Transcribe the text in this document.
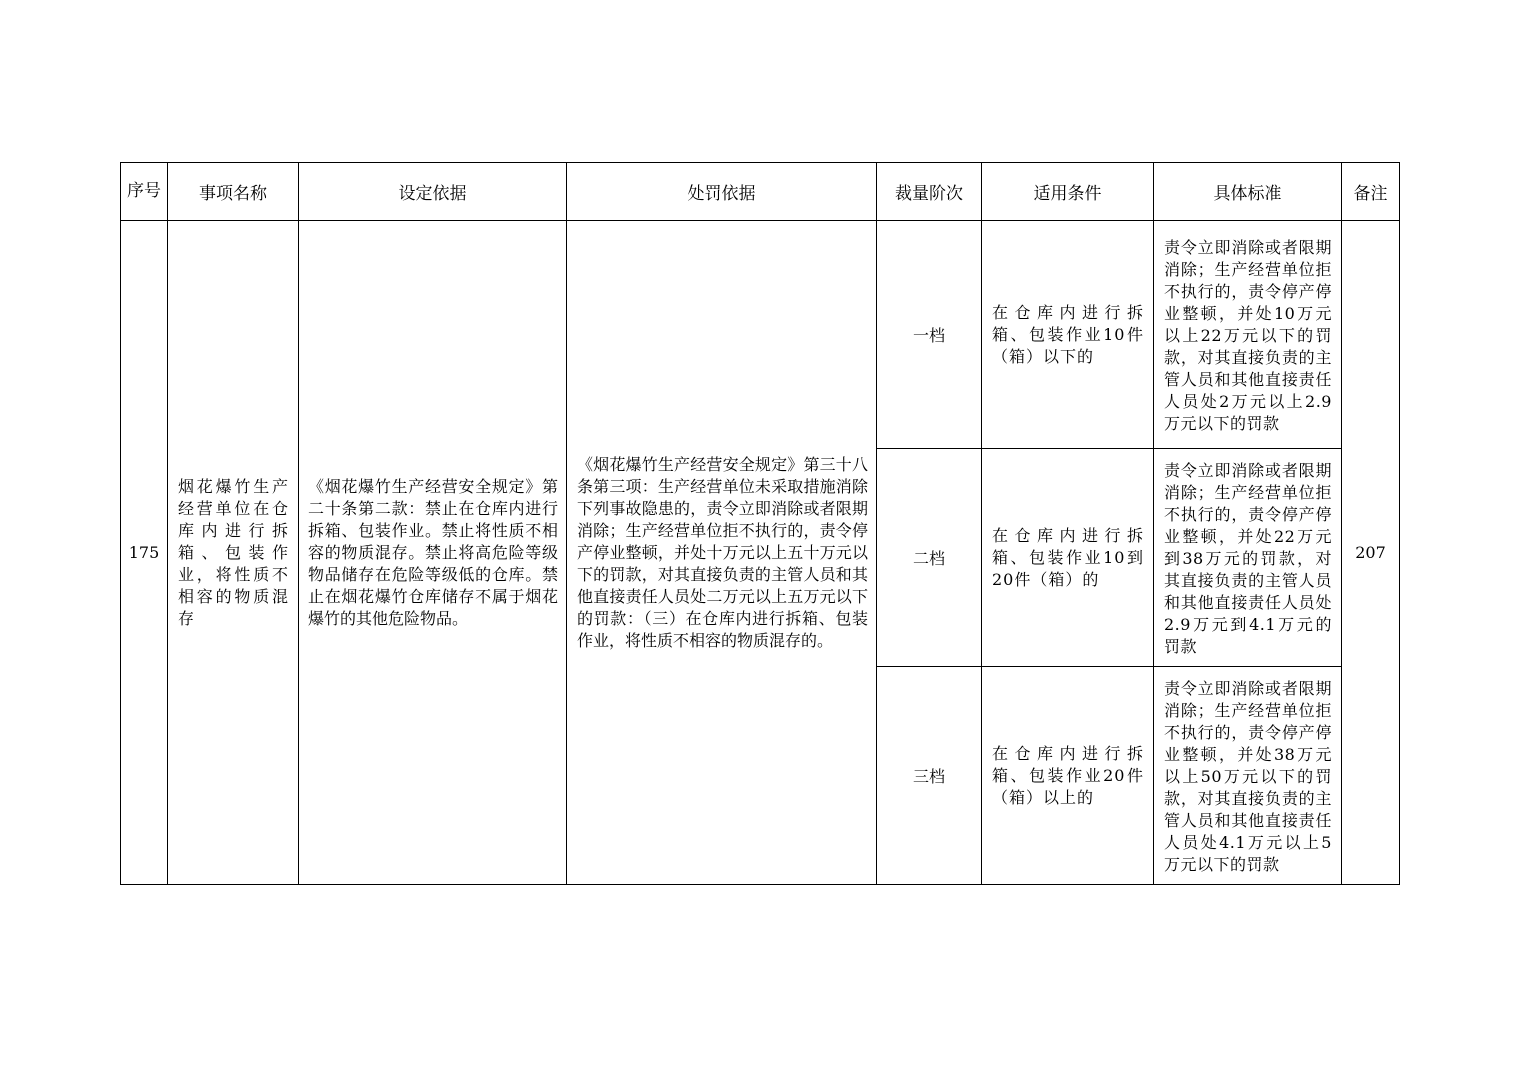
序号	事项名称	设定依据	处罚依据	裁量阶次	适用条件	具体标准	备注
175	烟花爆竹生产经营单位在仓库内进行拆箱、包装作业，将性质不相容的物质混存	《烟花爆竹生产经营安全规定》第二十条第二款：禁止在仓库内进行拆箱、包装作业。禁止将性质不相容的物质混存。禁止将高危险等级物品储存在危险等级低的仓库。禁止在烟花爆竹仓库储存不属于烟花爆竹的其他危险物品。	《烟花爆竹生产经营安全规定》第三十八条第三项：生产经营单位未采取措施消除下列事故隐患的，责令立即消除或者限期消除；生产经营单位拒不执行的，责令停产停业整顿，并处十万元以上五十万元以下的罚款，对其直接负责的主管人员和其他直接责任人员处二万元以上五万元以下的罚款：（三）在仓库内进行拆箱、包装作业，将性质不相容的物质混存的。	一档	在仓库内进行拆箱、包装作业10件（箱）以下的	责令立即消除或者限期消除；生产经营单位拒不执行的，责令停产停业整顿，并处10万元以上22万元以下的罚款，对其直接负责的主管人员和其他直接责任人员处2万元以上2.9万元以下的罚款	207
				二档	在仓库内进行拆箱、包装作业10到20件（箱）的	责令立即消除或者限期消除；生产经营单位拒不执行的，责令停产停业整顿，并处22万元到38万元的罚款，对其直接负责的主管人员和其他直接责任人员处2.9万元到4.1万元的罚款	

				三档	在仓库内进行拆箱、包装作业20件（箱）以上的	责令立即消除或者限期消除；生产经营单位拒不执行的，责令停产停业整顿，并处38万元以上50万元以下的罚款，对其直接负责的主管人员和其他直接责任人员处4.1万元以上5万元以下的罚款	
